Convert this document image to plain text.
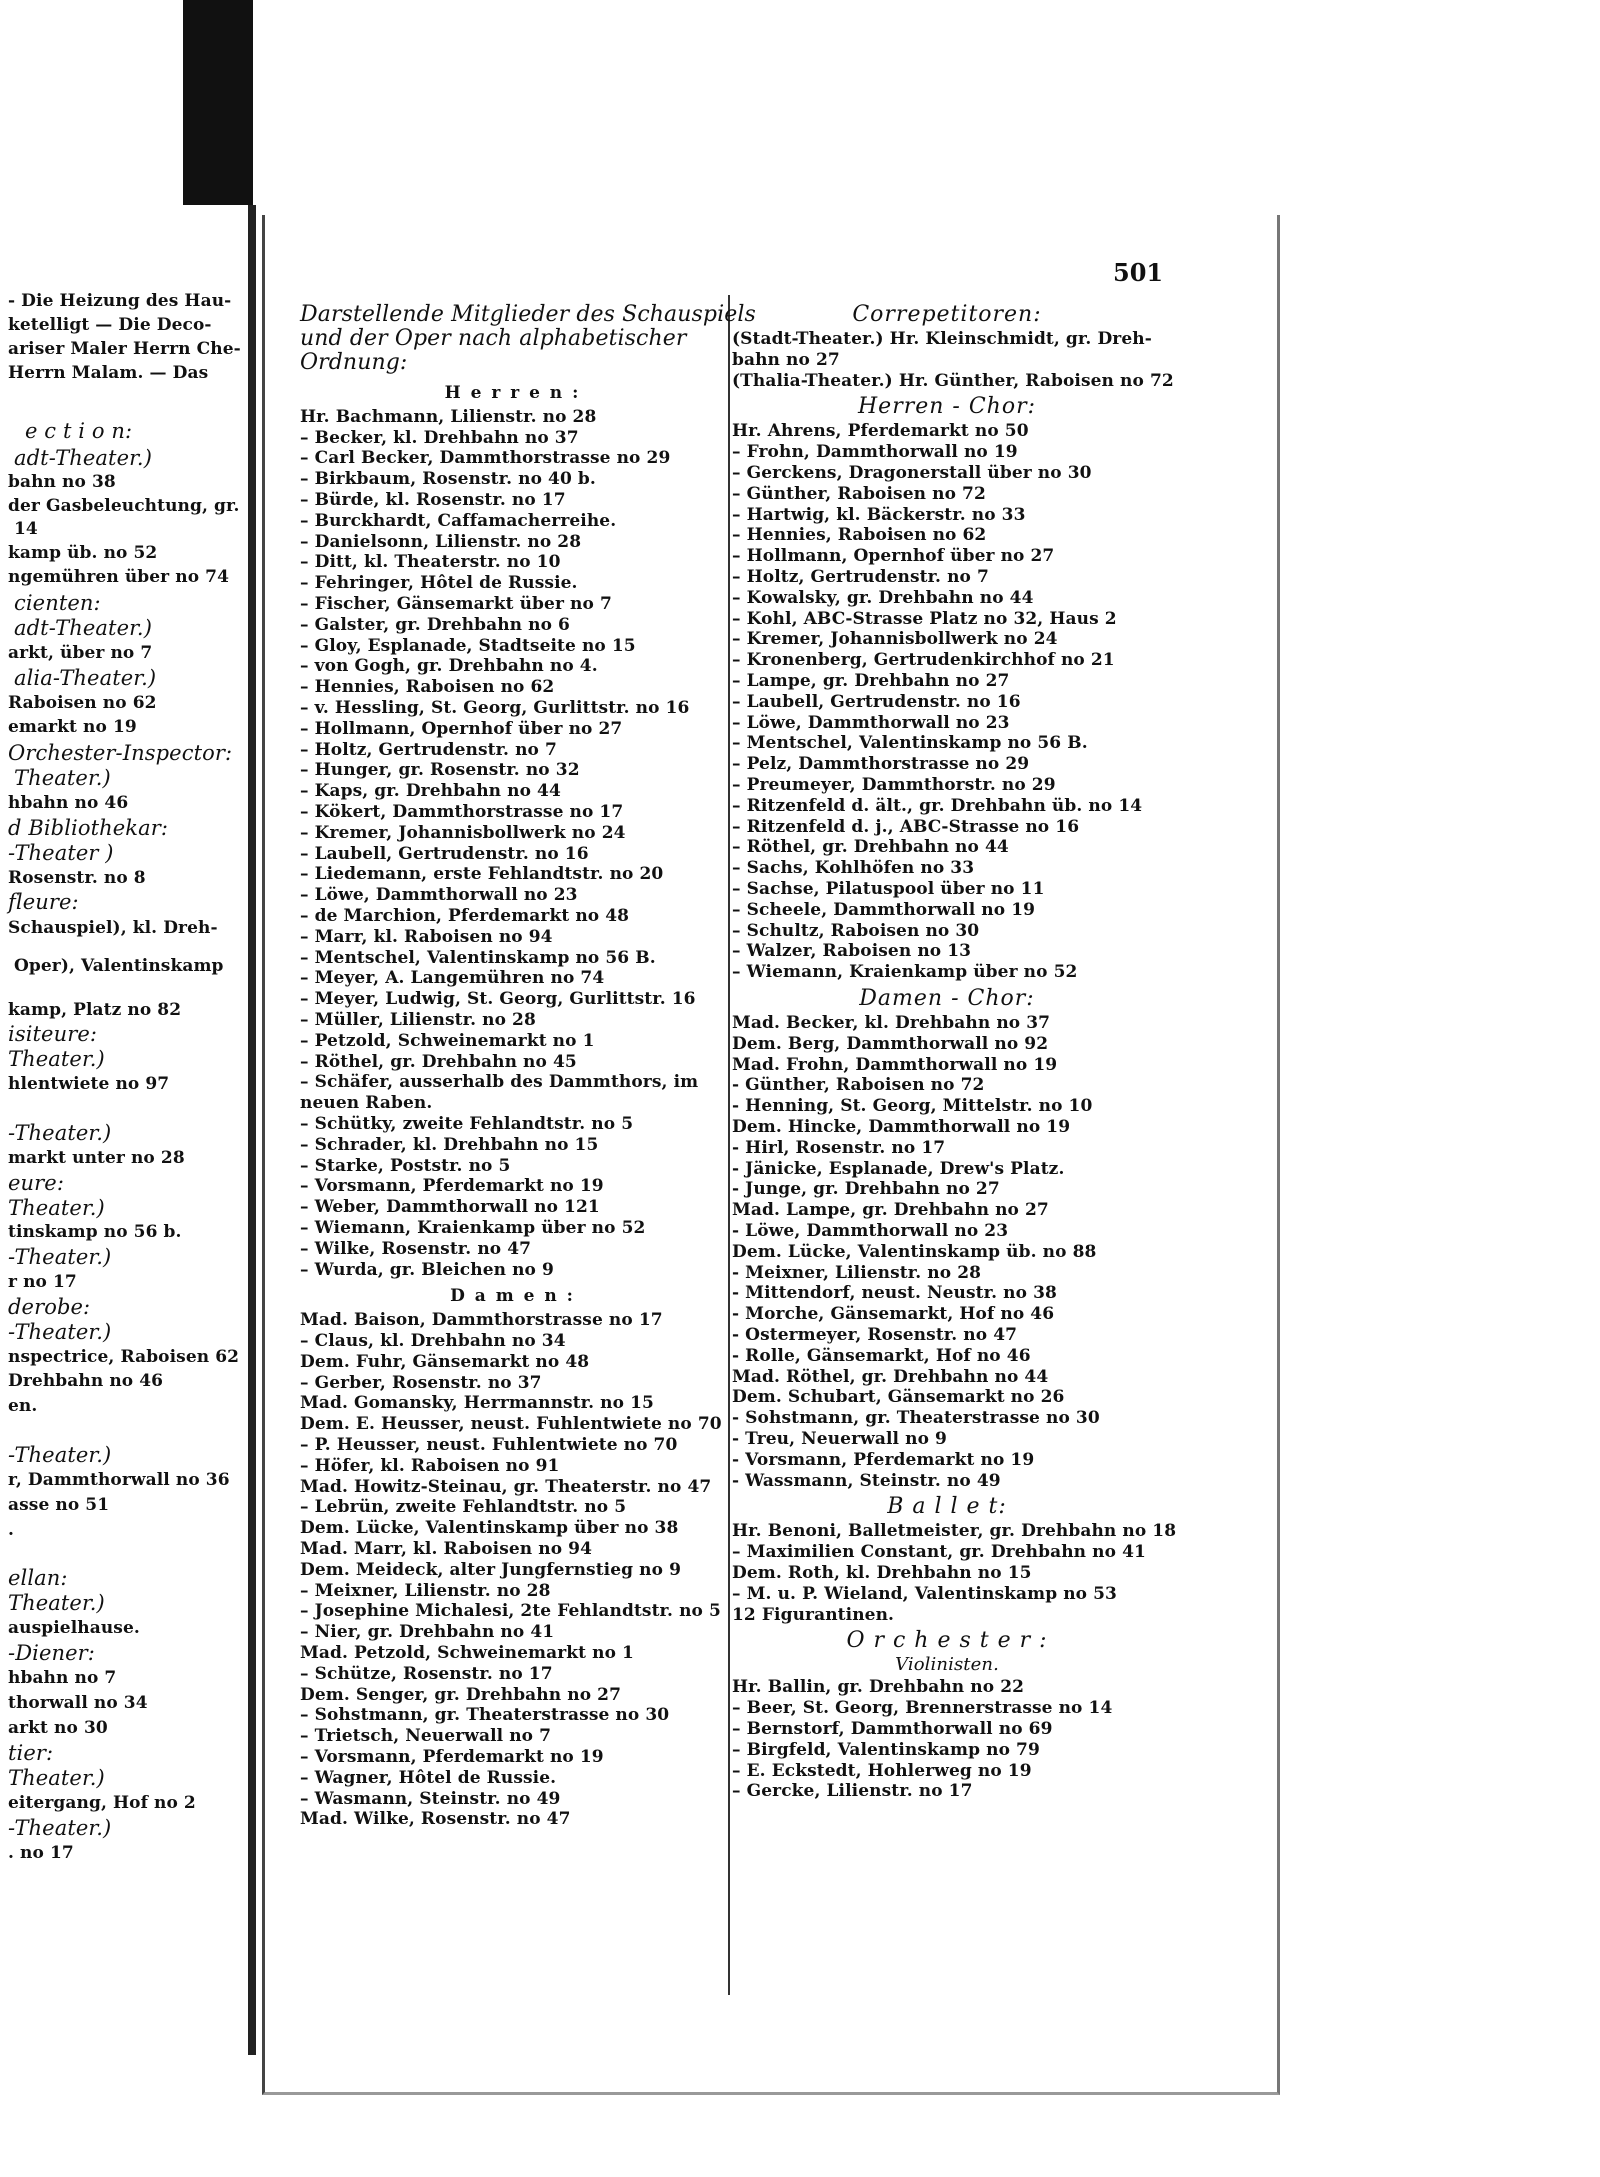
- Die Heizung des Hau-
ketelligt — Die Deco-
ariser Maler Herrn Che-
Herrn Malam. — Das
e c t i o n:
adt-Theater.)
bahn no 38
der Gasbeleuchtung, gr.
14
kamp üb. no 52
ngemühren über no 74
cienten:
adt-Theater.)
arkt, über no 7
alia-Theater.)
Raboisen no 62
emarkt no 19
Orchester-Inspector:
Theater.)
hbahn no 46
d Bibliothekar:
-Theater )
Rosenstr. no 8
fleure:
Schauspiel), kl. Dreh-
Oper), Valentinskamp
kamp, Platz no 82
isiteure:
Theater.)
hlentwiete no 97
-Theater.)
markt unter no 28
eure:
Theater.)
tinskamp no 56 b.
-Theater.)
r no 17
derobe:
-Theater.)
nspectrice, Raboisen 62
Drehbahn no 46
en.
-Theater.)
r, Dammthorwall no 36
asse no 51
.
ellan:
Theater.)
auspielhause.
-Diener:
hbahn no 7
thorwall no 34
arkt no 30
tier:
Theater.)
eitergang, Hof no 2
-Theater.)
. no 17
501
Darstellende Mitglieder des Schauspiels
und der Oper nach alphabetischer
Ordnung:
H e r r e n :
Hr. Bachmann, Lilienstr. no 28
– Becker, kl. Drehbahn no 37
– Carl Becker, Dammthorstrasse no 29
– Birkbaum, Rosenstr. no 40 b.
– Bürde, kl. Rosenstr. no 17
– Burckhardt, Caffamacherreihe.
– Danielsonn, Lilienstr. no 28
– Ditt, kl. Theaterstr. no 10
– Fehringer, Hôtel de Russie.
– Fischer, Gänsemarkt über no 7
– Galster, gr. Drehbahn no 6
– Gloy, Esplanade, Stadtseite no 15
– von Gogh, gr. Drehbahn no 4.
– Hennies, Raboisen no 62
– v. Hessling, St. Georg, Gurlittstr. no 16
– Hollmann, Opernhof über no 27
– Holtz, Gertrudenstr. no 7
– Hunger, gr. Rosenstr. no 32
– Kaps, gr. Drehbahn no 44
– Kökert, Dammthorstrasse no 17
– Kremer, Johannisbollwerk no 24
– Laubell, Gertrudenstr. no 16
– Liedemann, erste Fehlandtstr. no 20
– Löwe, Dammthorwall no 23
– de Marchion, Pferdemarkt no 48
– Marr, kl. Raboisen no 94
– Mentschel, Valentinskamp no 56 B.
– Meyer, A. Langemühren no 74
– Meyer, Ludwig, St. Georg, Gurlittstr. 16
– Müller, Lilienstr. no 28
– Petzold, Schweinemarkt no 1
– Röthel, gr. Drehbahn no 45
– Schäfer, ausserhalb des Dammthors, im
neuen Raben.
– Schütky, zweite Fehlandtstr. no 5
– Schrader, kl. Drehbahn no 15
– Starke, Poststr. no 5
– Vorsmann, Pferdemarkt no 19
– Weber, Dammthorwall no 121
– Wiemann, Kraienkamp über no 52
– Wilke, Rosenstr. no 47
– Wurda, gr. Bleichen no 9
D a m e n :
Mad. Baison, Dammthorstrasse no 17
– Claus, kl. Drehbahn no 34
Dem. Fuhr, Gänsemarkt no 48
– Gerber, Rosenstr. no 37
Mad. Gomansky, Herrmannstr. no 15
Dem. E. Heusser, neust. Fuhlentwiete no 70
– P. Heusser, neust. Fuhlentwiete no 70
– Höfer, kl. Raboisen no 91
Mad. Howitz-Steinau, gr. Theaterstr. no 47
– Lebrün, zweite Fehlandtstr. no 5
Dem. Lücke, Valentinskamp über no 38
Mad. Marr, kl. Raboisen no 94
Dem. Meideck, alter Jungfernstieg no 9
– Meixner, Lilienstr. no 28
– Josephine Michalesi, 2te Fehlandtstr. no 5
– Nier, gr. Drehbahn no 41
Mad. Petzold, Schweinemarkt no 1
– Schütze, Rosenstr. no 17
Dem. Senger, gr. Drehbahn no 27
– Sohstmann, gr. Theaterstrasse no 30
– Trietsch, Neuerwall no 7
– Vorsmann, Pferdemarkt no 19
– Wagner, Hôtel de Russie.
– Wasmann, Steinstr. no 49
Mad. Wilke, Rosenstr. no 47
Correpetitoren:
(Stadt-Theater.) Hr. Kleinschmidt, gr. Dreh-
bahn no 27
(Thalia-Theater.) Hr. Günther, Raboisen no 72
Herren - Chor:
Hr. Ahrens, Pferdemarkt no 50
– Frohn, Dammthorwall no 19
– Gerckens, Dragonerstall über no 30
– Günther, Raboisen no 72
– Hartwig, kl. Bäckerstr. no 33
– Hennies, Raboisen no 62
– Hollmann, Opernhof über no 27
– Holtz, Gertrudenstr. no 7
– Kowalsky, gr. Drehbahn no 44
– Kohl, ABC-Strasse Platz no 32, Haus 2
– Kremer, Johannisbollwerk no 24
– Kronenberg, Gertrudenkirchhof no 21
– Lampe, gr. Drehbahn no 27
– Laubell, Gertrudenstr. no 16
– Löwe, Dammthorwall no 23
– Mentschel, Valentinskamp no 56 B.
– Pelz, Dammthorstrasse no 29
– Preumeyer, Dammthorstr. no 29
– Ritzenfeld d. ält., gr. Drehbahn üb. no 14
– Ritzenfeld d. j., ABC-Strasse no 16
– Röthel, gr. Drehbahn no 44
– Sachs, Kohlhöfen no 33
– Sachse, Pilatuspool über no 11
– Scheele, Dammthorwall no 19
– Schultz, Raboisen no 30
– Walzer, Raboisen no 13
– Wiemann, Kraienkamp über no 52
Damen - Chor:
Mad. Becker, kl. Drehbahn no 37
Dem. Berg, Dammthorwall no 92
Mad. Frohn, Dammthorwall no 19
- Günther, Raboisen no 72
- Henning, St. Georg, Mittelstr. no 10
Dem. Hincke, Dammthorwall no 19
- Hirl, Rosenstr. no 17
- Jänicke, Esplanade, Drew's Platz.
- Junge, gr. Drehbahn no 27
Mad. Lampe, gr. Drehbahn no 27
- Löwe, Dammthorwall no 23
Dem. Lücke, Valentinskamp üb. no 88
- Meixner, Lilienstr. no 28
- Mittendorf, neust. Neustr. no 38
- Morche, Gänsemarkt, Hof no 46
- Ostermeyer, Rosenstr. no 47
- Rolle, Gänsemarkt, Hof no 46
Mad. Röthel, gr. Drehbahn no 44
Dem. Schubart, Gänsemarkt no 26
- Sohstmann, gr. Theaterstrasse no 30
- Treu, Neuerwall no 9
- Vorsmann, Pferdemarkt no 19
- Wassmann, Steinstr. no 49
B a l l e t:
Hr. Benoni, Balletmeister, gr. Drehbahn no 18
– Maximilien Constant, gr. Drehbahn no 41
Dem. Roth, kl. Drehbahn no 15
– M. u. P. Wieland, Valentinskamp no 53
12 Figurantinen.
O r c h e s t e r :
Violinisten.
Hr. Ballin, gr. Drehbahn no 22
– Beer, St. Georg, Brennerstrasse no 14
– Bernstorf, Dammthorwall no 69
– Birgfeld, Valentinskamp no 79
– E. Eckstedt, Hohlerweg no 19
– Gercke, Lilienstr. no 17
